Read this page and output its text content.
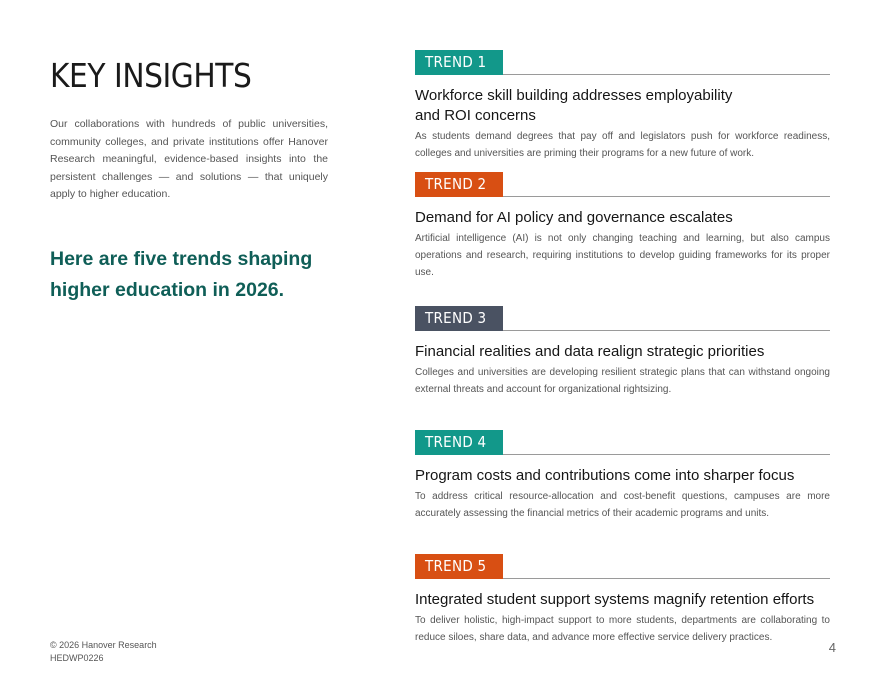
KEY INSIGHTS

Our collaborations with hundreds of public universities, community colleges, and private institutions offer Hanover Research meaningful, evidence-based insights into the persistent challenges — and solutions — that uniquely apply to higher education.

Here are five trends shaping higher education in 2026.

TREND 1
Workforce skill building addresses employability and ROI concerns

As students demand degrees that pay off and legislators push for workforce readiness, colleges and universities are priming their programs for a new future of work.

TREND 2
Demand for AI policy and governance escalates

Artificial intelligence (AI) is not only changing teaching and learning, but also campus operations and research, requiring institutions to develop guiding frameworks for its proper use.

TREND 3
Financial realities and data realign strategic priorities

Colleges and universities are developing resilient strategic plans that can withstand ongoing external threats and account for organizational rightsizing.

TREND 4
Program costs and contributions come into sharper focus

To address critical resource-allocation and cost-benefit questions, campuses are more accurately assessing the financial metrics of their academic programs and units.

TREND 5
Integrated student support systems magnify retention efforts

To deliver holistic, high-impact support to more students, departments are collaborating to reduce siloes, share data, and advance more effective service delivery practices.

© 2026 Hanover Research
HEDWP0226
4
